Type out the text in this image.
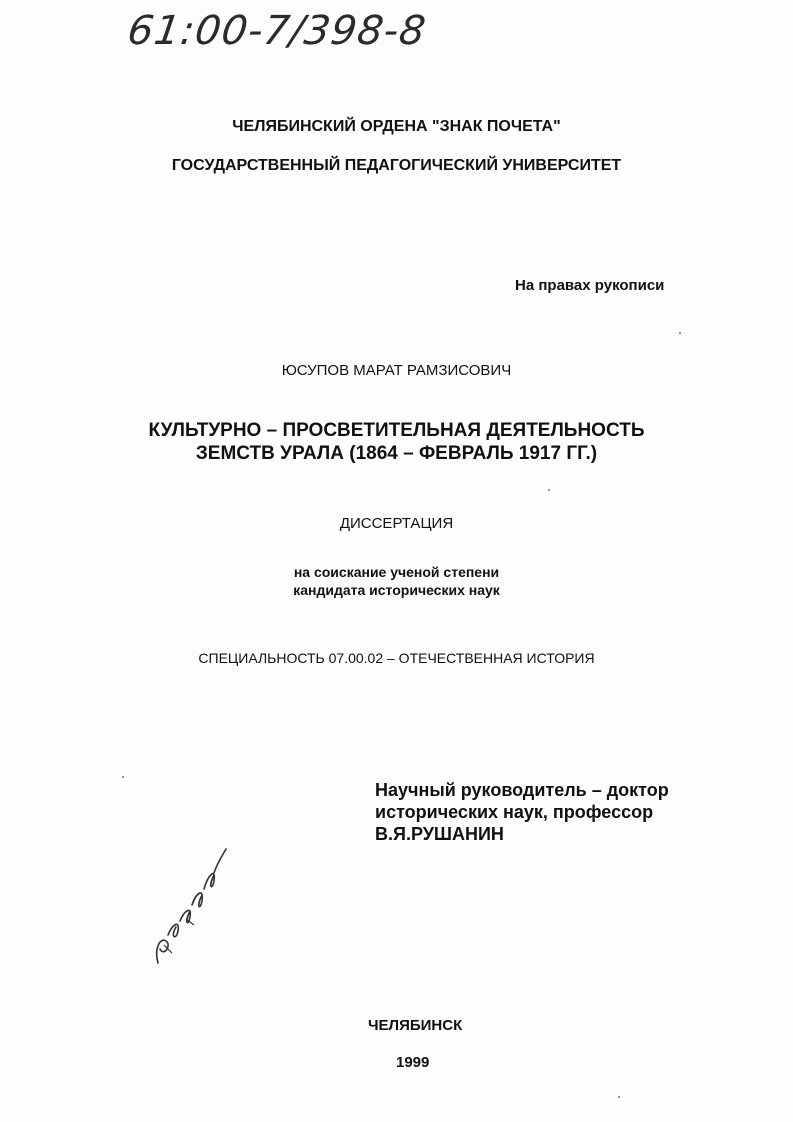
61:00-7/398-8

ЧЕЛЯБИНСКИЙ ОРДЕНА "ЗНАК ПОЧЕТА"

ГОСУДАРСТВЕННЫЙ ПЕДАГОГИЧЕСКИЙ УНИВЕРСИТЕТ

На правах рукописи

ЮСУПОВ МАРАТ РАМЗИСОВИЧ

КУЛЬТУРНО – ПРОСВЕТИТЕЛЬНАЯ ДЕЯТЕЛЬНОСТЬ

ЗЕМСТВ УРАЛА (1864 – ФЕВРАЛЬ 1917 ГГ.)

ДИССЕРТАЦИЯ

на соискание ученой степени

кандидата исторических наук

СПЕЦИАЛЬНОСТЬ 07.00.02 – ОТЕЧЕСТВЕННАЯ ИСТОРИЯ

Научный руководитель – доктор
исторических наук, профессор
В.Я.РУШАНИН

ЧЕЛЯБИНСК

1999
